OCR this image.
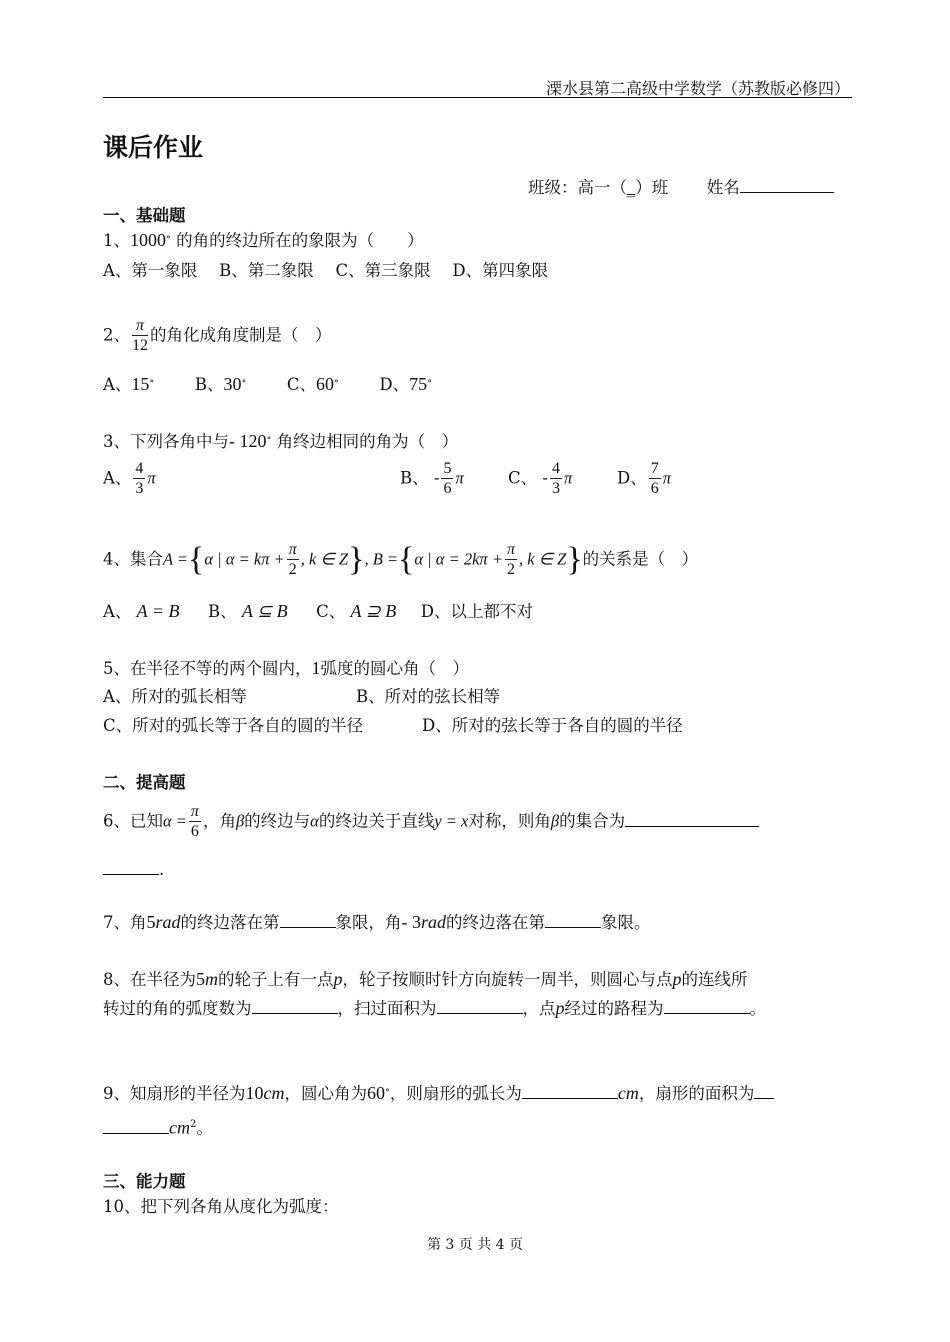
溧水县第二高级中学数学（苏教版必修四）
课后作业
班级：高一（_）班 姓名
一、基础题
1、1000∘ 的角的终边所在的象限为（　　）
A、第一象限　 B、第二象限　 C、第三象限　 D、第四象限
2、 $\frac{\pi}{12}$ 的角化成角度制是（　）
A、15∘ B、30∘ C、60∘ D、75∘
3、下列各角中与- 120∘ 角终边相同的角为（　）
A、 $\frac{4}{3}$ π	B、 - $\frac{5}{6}$ π	C、 - $\frac{4}{3}$ π	D、 $\frac{7}{6}$ π
4、集合A ={α | $\alpha = k\pi + \frac{\pi}{2}$ , k ∈ Z}, B ={α | $\alpha = 2k\pi + \frac{\pi}{2}$ , k ∈ Z}的关系是（　）
A、 A = B B、 A ⊆ B C、 A ⊇ B D、以上都不对
5、在半径不等的两个圆内，1弧度的圆心角（　）
A、所对的弧长相等	B、所对的弦长相等
C、所对的弧长等于各自的圆的半径	D、所对的弦长等于各自的圆的半径
二、提高题
6、已知$\alpha = \frac{\pi}{6}$ ，角β的终边与α的终边关于直线y = x对称，则角β的集合为
.
7、角5rad的终边落在第	象限，角- 3rad的终边落在第	象限。
8、在半径为5m的轮子上有一点p，轮子按顺时针方向旋转一周半，则圆心与点p的连线所
转过的角的弧度数为	，扫过面积为	，点p经过的路程为	。
9、知扇形的半径为10cm，圆心角为60∘，则扇形的弧长为	cm，扇形的面积为
$cm^2$。
三、能力题
10、把下列各角从度化为弧度：
第 3 页 共 4 页
